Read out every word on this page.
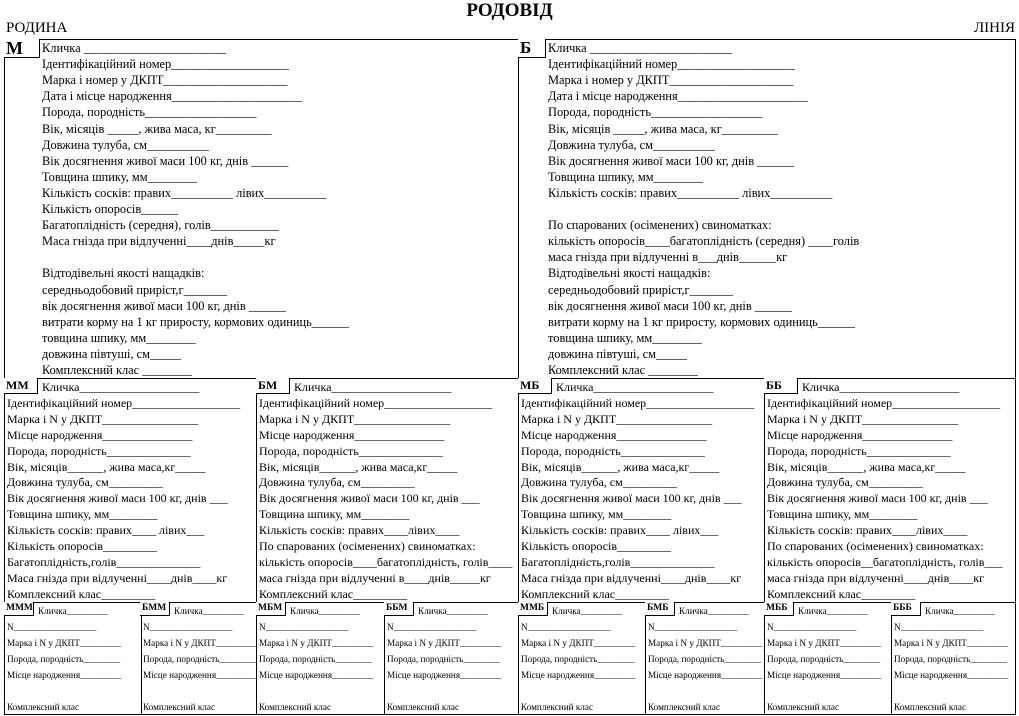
РОДОВІД
РОДИНА	ЛІНІЯ
М	Б
Кличка _______________________
Ідентифікаційний номер___________________
Марка і номер у ДКПТ____________________
Дата і місце народження_____________________
Порода, породність__________________
Вік, місяців _____, жива маса, кг_________
Довжина тулуба, см__________
Вік досягнення живої маси 100 кг, днів ______
Товщина шпику, мм________
Кількість сосків: правих__________ лівих__________
Кількість опоросів______
Багатоплідність (середня), голів___________
Маса гнізда при відлученні____днів_____кг
Відтодівельні якості нащадків:
середньодобовий приріст,г_______
вік досягнення живої маси 100 кг, днів ______
витрати корму на 1 кг приросту, кормових одиниць______
товщина шпику, мм________
довжина півтуші, см_____
Комплексний клас ________
Кличка _______________________
Ідентифікаційний номер___________________
Марка і номер у ДКПТ____________________
Дата і місце народження_____________________
Порода, породність__________________
Вік, місяців _____, жива маса, кг_________
Довжина тулуба, см__________
Вік досягнення живої маси 100 кг, днів ______
Товщина шпику, мм________
Кількість сосків: правих__________ лівих__________
По спарованих (осіменених) свиноматках:
кількість опоросів____багатоплідність (середня) ____голів
маса гнізда при відлученні в___днів______кг
Відтодівельні якості нащадків:
середньодобовий приріст,г_______
вік досягнення живої маси 100 кг, днів ______
витрати корму на 1 кг приросту, кормових одиниць______
товщина шпику, мм________
довжина півтуші, см_____
Комплексний клас ________
ММ	Кличка____________________
Ідентифікаційний номер__________________
Марка і N у ДКПТ________________
Місце народження_______________
Порода, породність______________
Вік, місяців______, жива маса,кг_____
Довжина тулуба, см_________
Вік досягнення живої маси 100 кг, днів ___
Товщина шпику, мм________
Кількість сосків: правих____ лівих___
Кількість опоросів_________
Багатоплідність,голів______________
Маса гнізда при відлученні____днів____кг
Комплексний клас_________
БМ	Кличка____________________
Ідентифікаційний номер__________________
Марка і N у ДКПТ________________
Місце народження_______________
Порода, породність______________
Вік, місяців______, жива маса,кг_____
Довжина тулуба, см_________
Вік досягнення живої маси 100 кг, днів ___
Товщина шпику, мм________
Кількість сосків: правих____лівих____
По спарованих (осіменених) свиноматках:
кількість опоросів____багатоплідність, голів____
маса гнізда при відлученні в____днів_____кг
Комплексний клас_________
МБ	Кличка____________________
Ідентифікаційний номер__________________
Марка і N у ДКПТ________________
Місце народження_______________
Порода, породність______________
Вік, місяців______, жива маса,кг_____
Довжина тулуба, см_________
Вік досягнення живої маси 100 кг, днів ___
Товщина шпику, мм________
Кількість сосків: правих____ лівих___
Кількість опоросів_________
Багатоплідність,голів______________
Маса гнізда при відлученні____днів____кг
Комплексний клас_________
ББ	Кличка____________________
Ідентифікаційний номер__________________
Марка і N у ДКПТ________________
Місце народження_______________
Порода, породність______________
Вік, місяців______, жива маса,кг_____
Довжина тулуба, см_________
Вік досягнення живої маси 100 кг, днів ___
Товщина шпику, мм________
Кількість сосків: правих____лівих____
По спарованих (осіменених) свиноматках:
кількість опоросів__багатоплідність, голів___
маса гнізда при відлученні____днів____кг
Комплексний клас_________
МММ Кличка_________
N__________________
Марка і N у ДКПТ_________
Порода, породність________
Місце народження_________
Комплексний клас
БММ Кличка_________
N__________________
Марка і N у ДКПТ_________
Порода, породність________
Місце народження_________
Комплексний клас
МБМ Кличка_________
N__________________
Марка і N у ДКПТ_________
Порода, породність________
Місце народження_________
Комплексний клас
ББМ	Кличка_________
N__________________
Марка і N у ДКПТ_________
Порода, породність________
Місце народження_________
Комплексний клас
ММБ Кличка_________
N__________________
Марка і N у ДКПТ_________
Порода, породність________
Місце народження_________
Комплексний клас
БМБ	Кличка_________
N__________________
Марка і N у ДКПТ_________
Порода, породність________
Місце народження_________
Комплексний клас
МББ	Кличка_________
N__________________
Марка і N у ДКПТ_________
Порода, породність________
Місце народження_________
Комплексний клас
БББ	Кличка_________
N__________________
Марка і N у ДКПТ_________
Порода, породність________
Місце народження_________
Комплексний клас
